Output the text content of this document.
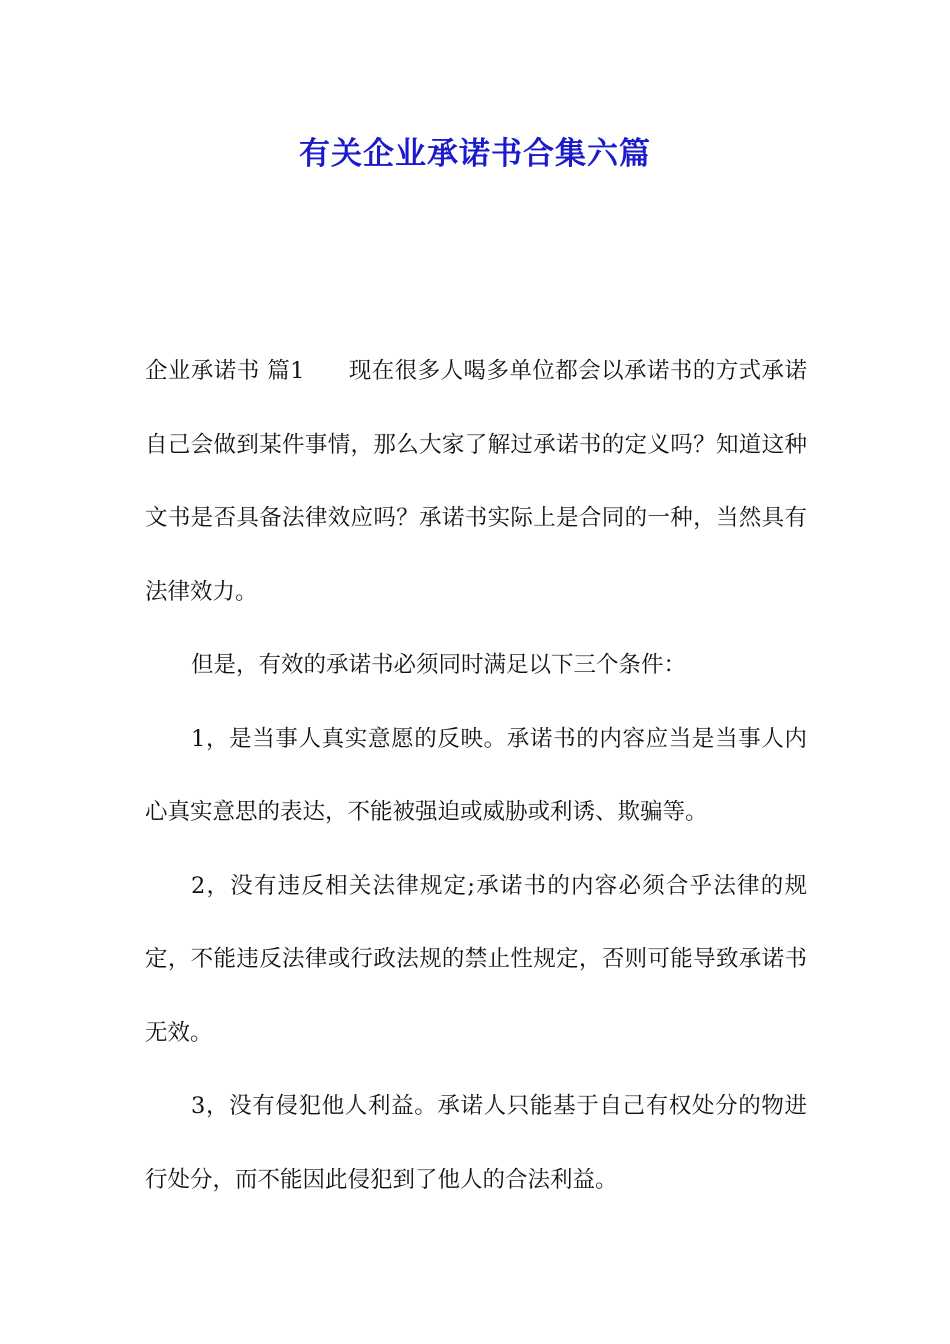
有关企业承诺书合集六篇

企业承诺书 篇1 现在很多人喝多单位都会以承诺书的方式承诺自己会做到某件事情，那么大家了解过承诺书的定义吗？知道这种文书是否具备法律效应吗？承诺书实际上是合同的一种，当然具有法律效力。

但是，有效的承诺书必须同时满足以下三个条件：

1，是当事人真实意愿的反映。承诺书的内容应当是当事人内心真实意思的表达，不能被强迫或威胁或利诱、欺骗等。

2，没有违反相关法律规定;承诺书的内容必须合乎法律的规定，不能违反法律或行政法规的禁止性规定，否则可能导致承诺书无效。

3，没有侵犯他人利益。承诺人只能基于自己有权处分的物进行处分，而不能因此侵犯到了他人的合法利益。
